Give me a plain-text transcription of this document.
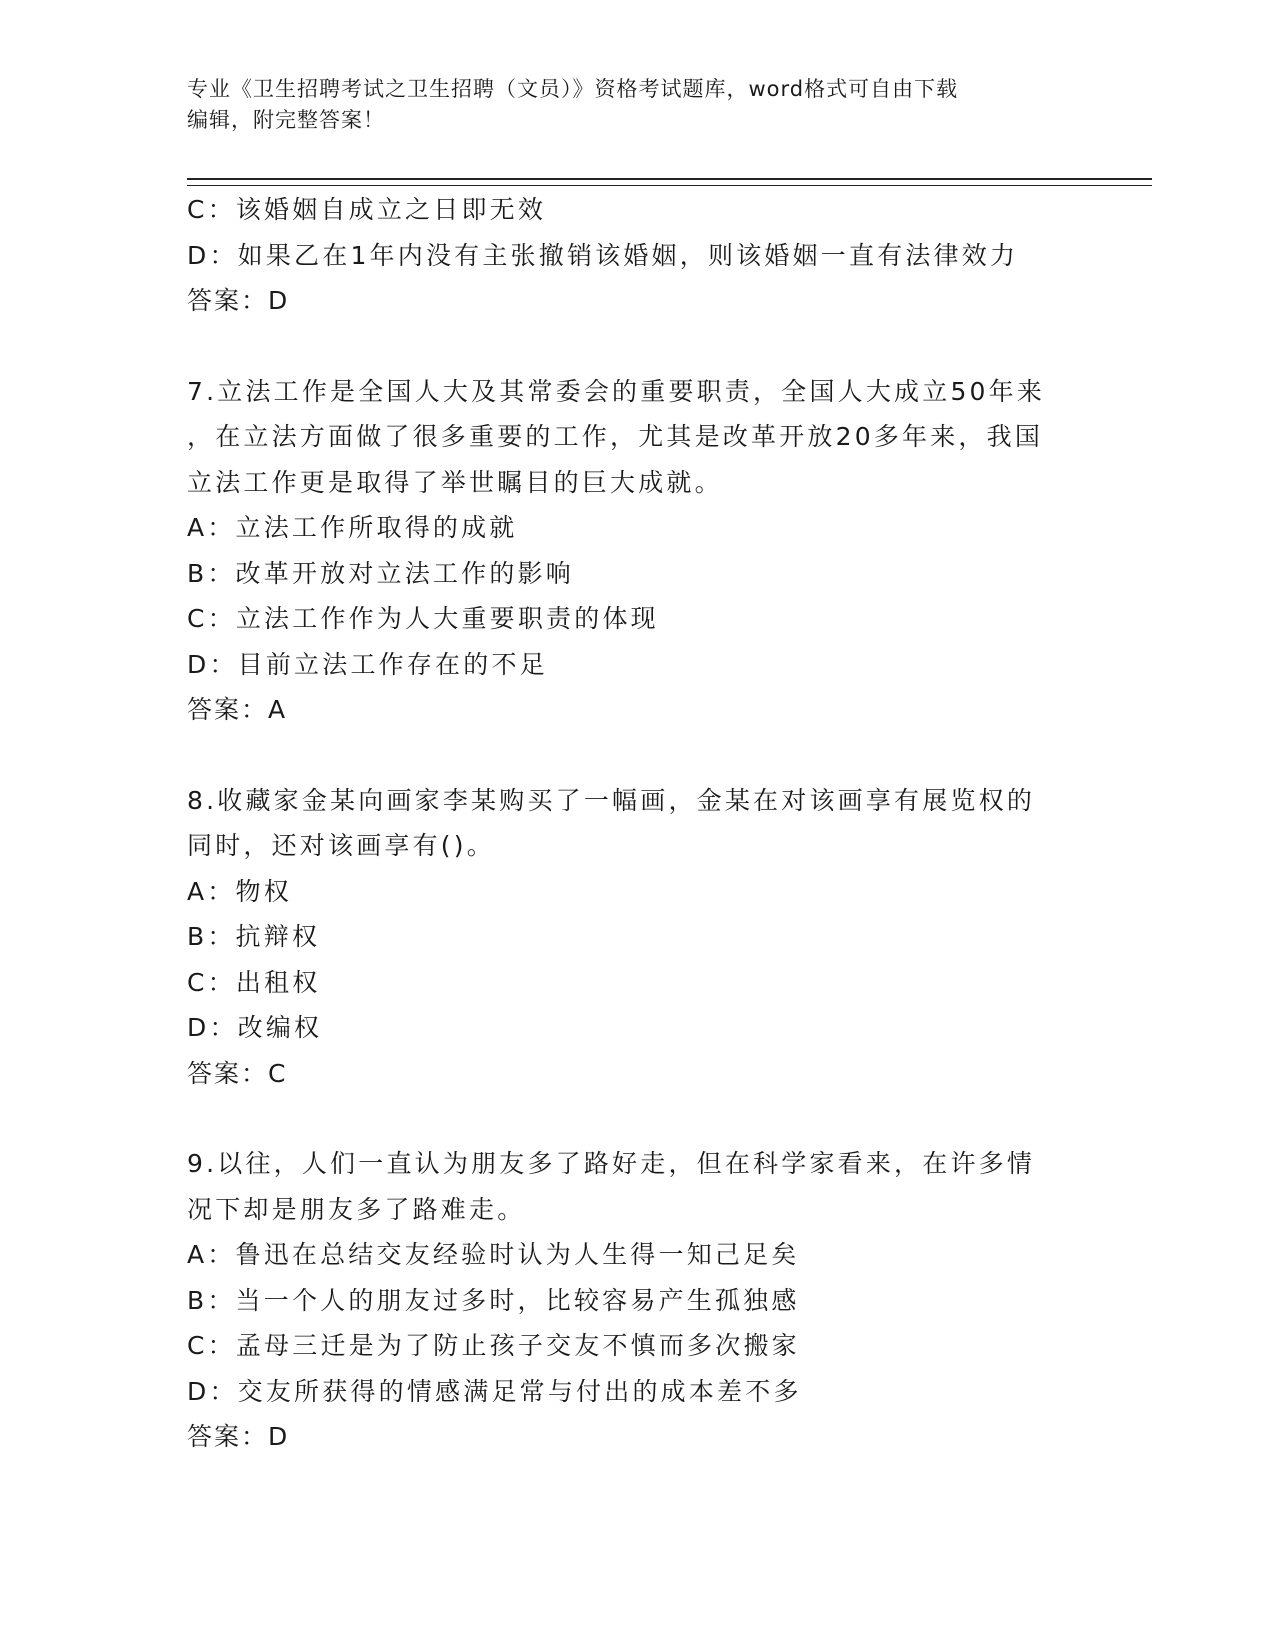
专业《卫生招聘考试之卫生招聘（文员）》资格考试题库，word格式可自由下载
编辑，附完整答案！
C：该婚姻自成立之日即无效
D：如果乙在1年内没有主张撤销该婚姻，则该婚姻一直有法律效力
答案：D
7.立法工作是全国人大及其常委会的重要职责，全国人大成立50年来
，在立法方面做了很多重要的工作，尤其是改革开放20多年来，我国
立法工作更是取得了举世瞩目的巨大成就。
A：立法工作所取得的成就
B：改革开放对立法工作的影响
C：立法工作作为人大重要职责的体现
D：目前立法工作存在的不足
答案：A
8.收藏家金某向画家李某购买了一幅画，金某在对该画享有展览权的
同时，还对该画享有()。
A：物权
B：抗辩权
C：出租权
D：改编权
答案：C
9.以往，人们一直认为朋友多了路好走，但在科学家看来，在许多情
况下却是朋友多了路难走。
A：鲁迅在总结交友经验时认为人生得一知己足矣
B：当一个人的朋友过多时，比较容易产生孤独感
C：孟母三迁是为了防止孩子交友不慎而多次搬家
D：交友所获得的情感满足常与付出的成本差不多
答案：D
